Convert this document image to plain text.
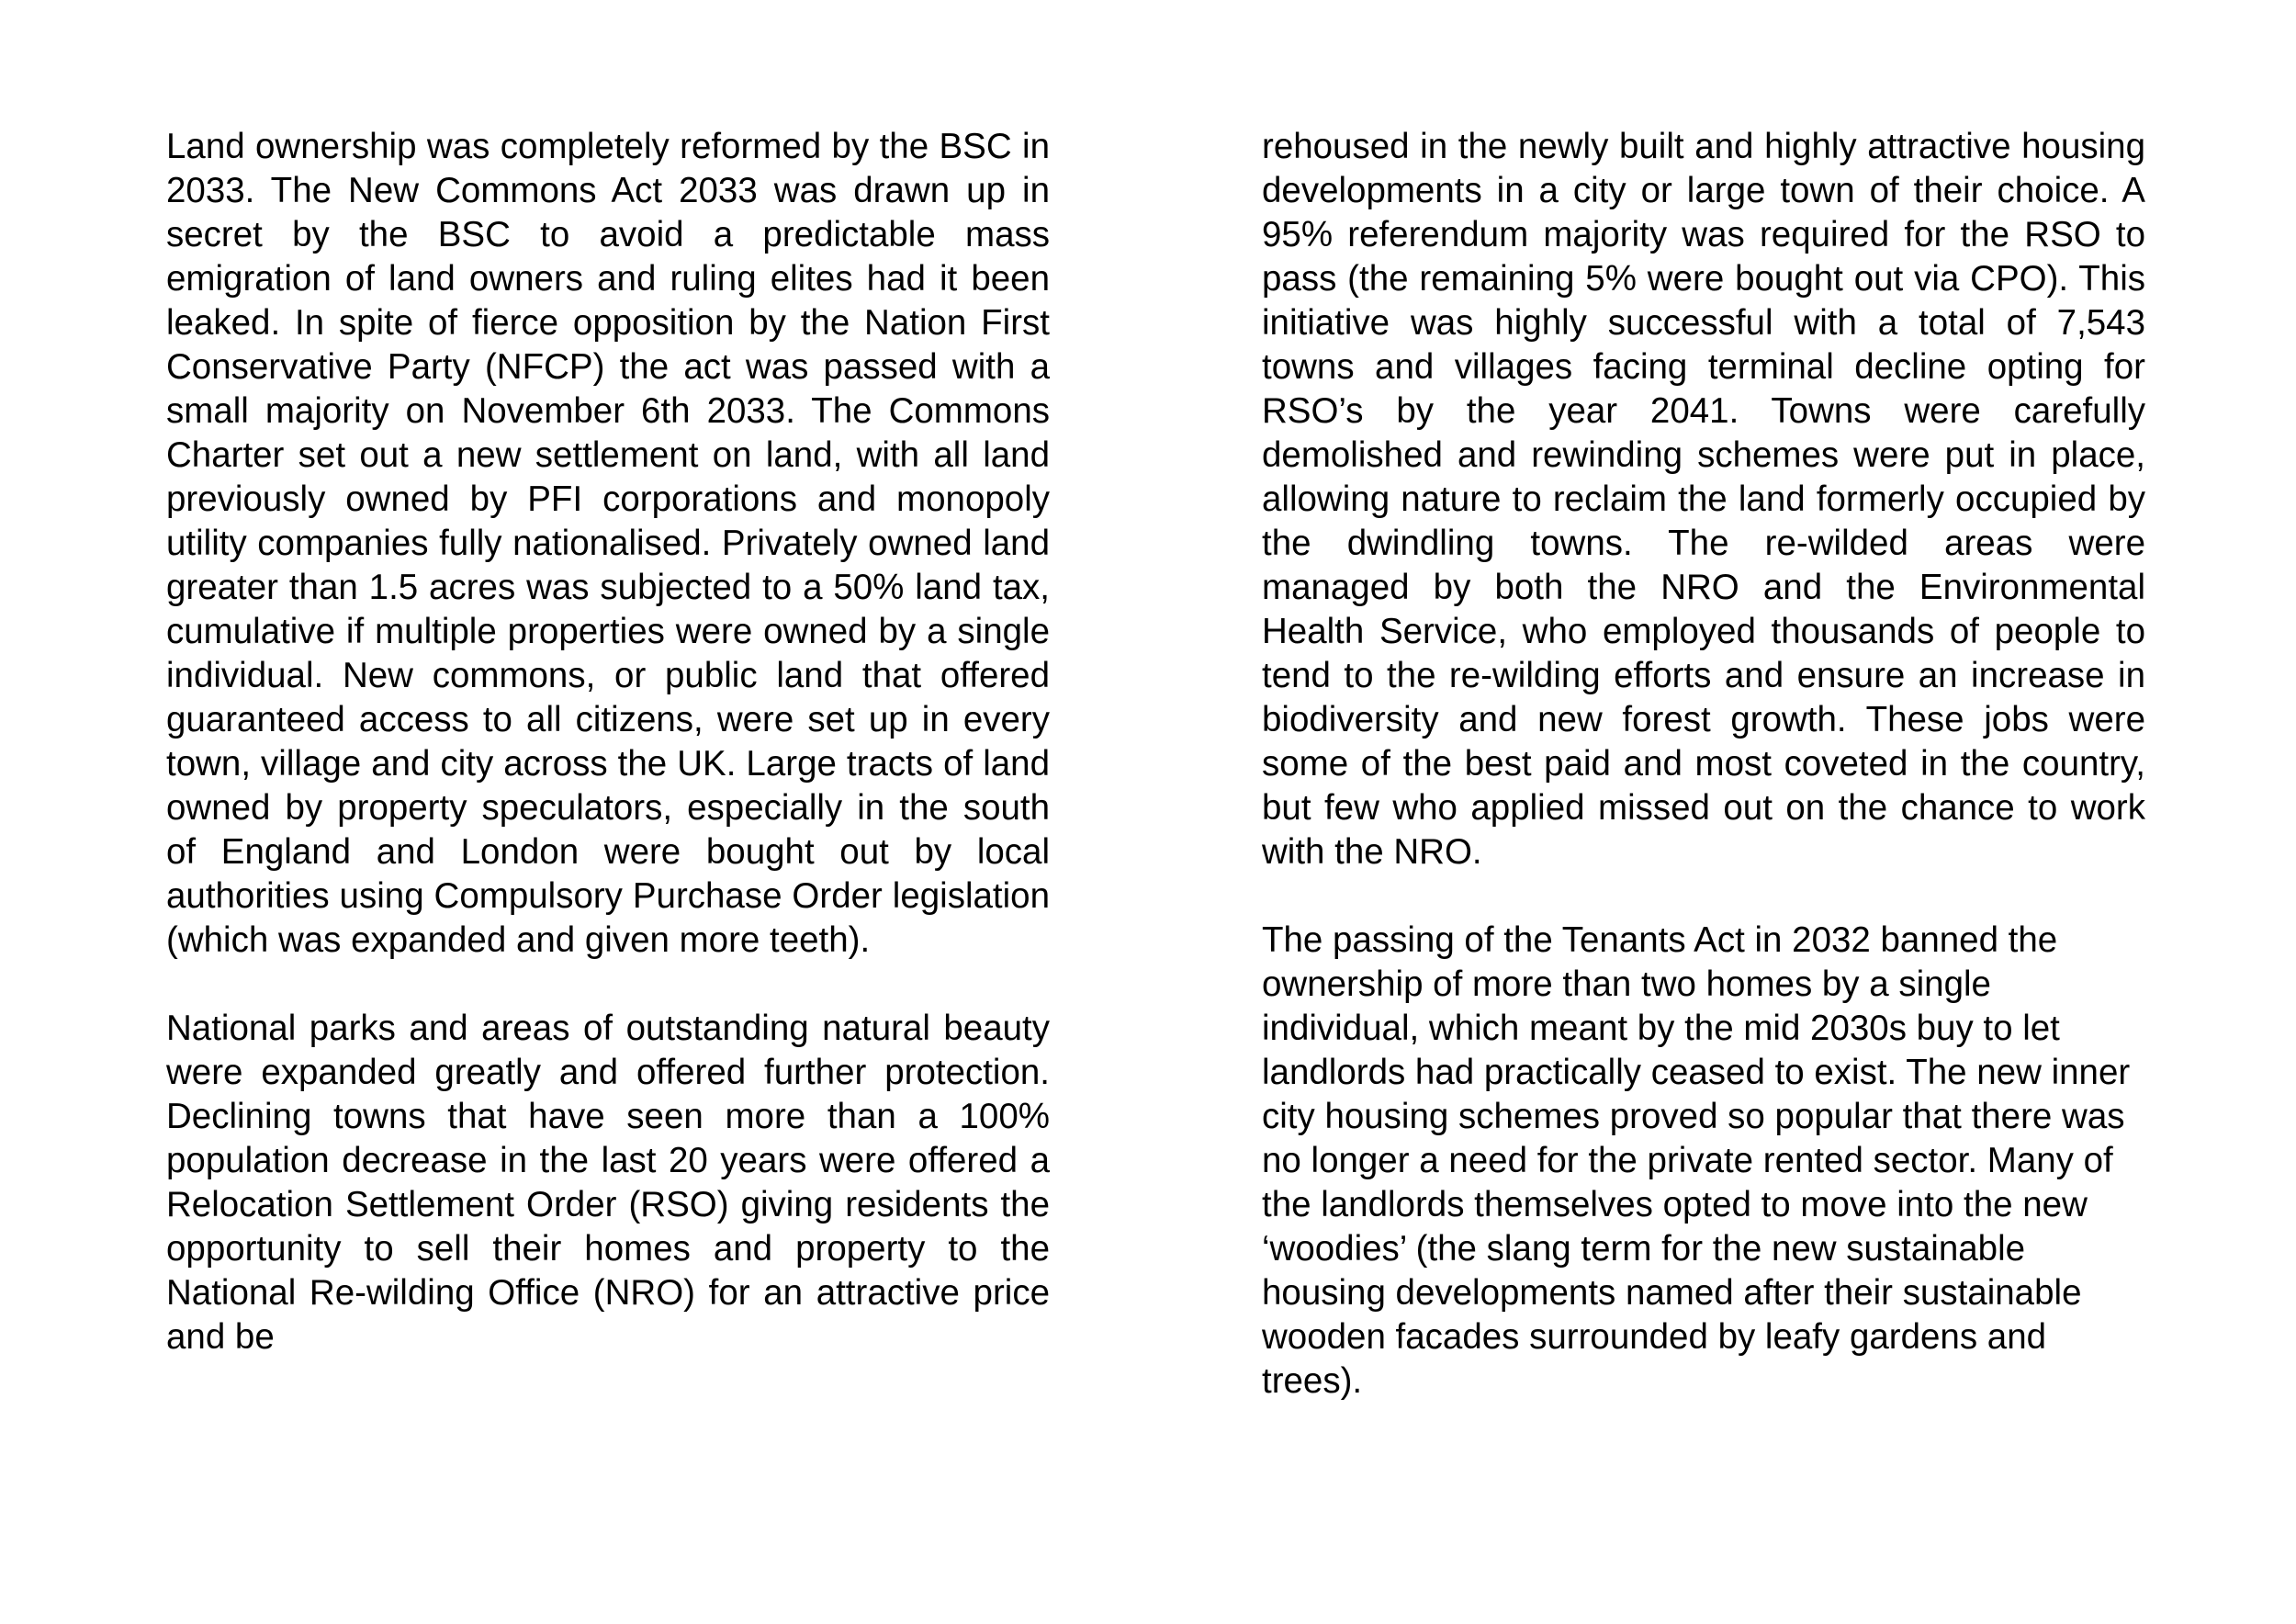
Land ownership was completely reformed by the BSC in 2033. The New Commons Act 2033 was drawn up in secret by the BSC to avoid a predictable mass emigration of land owners and ruling elites had it been leaked. In spite of fierce opposition by the Nation First Conservative Party (NFCP) the act was passed with a small majority on November 6th 2033. The Commons Charter set out a new settlement on land, with all land previously owned by PFI corporations and monopoly utility companies fully nationalised. Privately owned land greater than 1.5 acres was subjected to a 50% land tax, cumulative if multiple properties were owned by a single individual. New commons, or public land that offered guaranteed access to all citizens, were set up in every town, village and city across the UK. Large tracts of land owned by property speculators, especially in the south of England and London were bought out by local authorities using Compulsory Purchase Order legislation (which was expanded and given more teeth).

National parks and areas of outstanding natural beauty were expanded greatly and offered further protection. Declining towns that have seen more than a 100% population decrease in the last 20 years were offered a Relocation Settlement Order (RSO) giving residents the opportunity to sell their homes and property to the National Re-wilding Office (NRO) for an attractive price and be

rehoused in the newly built and highly attractive housing developments in a city or large town of their choice. A 95% referendum majority was required for the RSO to pass (the remaining 5% were bought out via CPO). This initiative was highly successful with a total of 7,543 towns and villages facing terminal decline opting for RSO’s by the year 2041. Towns were carefully demolished and rewinding schemes were put in place, allowing nature to reclaim the land formerly occupied by the dwindling towns. The re-wilded areas were managed by both the NRO and the Environmental Health Service, who employed thousands of people to tend to the re-wilding efforts and ensure an increase in biodiversity and new forest growth. These jobs were some of the best paid and most coveted in the country, but few who applied missed out on the chance to work with the NRO.

The passing of the Tenants Act in 2032 banned the ownership of more than two homes by a single individual, which meant by the mid 2030s buy to let landlords had practically ceased to exist. The new inner city housing schemes proved so popular that there was no longer a need for the private rented sector. Many of the landlords themselves opted to move into the new ‘woodies’ (the slang term for the new sustainable housing developments named after their sustainable wooden facades surrounded by leafy gardens and trees).
